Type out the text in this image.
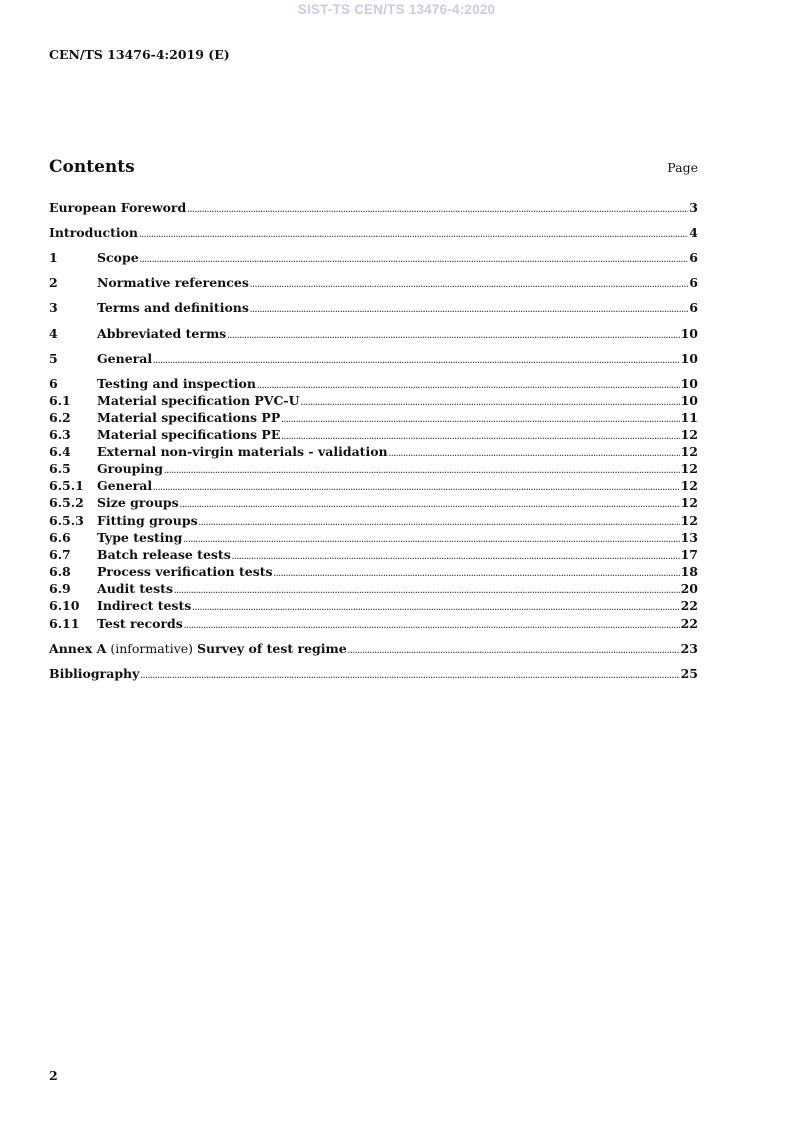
SIST-TS CEN/TS 13476-4:2020
CEN/TS 13476-4:2019 (E)
Contents	Page
European Foreword .....	3
Introduction .....	4
1	Scope .....	6
2	Normative references .....	6
3	Terms and definitions .....	6
4	Abbreviated terms .....	10
5	General .....	10
6	Testing and inspection .....	10
6.1	Material specification PVC-U .....	10
6.2	Material specifications PP .....	11
6.3	Material specifications PE .....	12
6.4	External non-virgin materials - validation .....	12
6.5	Grouping .....	12
6.5.1	General .....	12
6.5.2	Size groups .....	12
6.5.3	Fitting groups .....	12
6.6	Type testing .....	13
6.7	Batch release tests .....	17
6.8	Process verification tests .....	18
6.9	Audit tests .....	20
6.10	Indirect tests .....	22
6.11	Test records .....	22
Annex A (informative) Survey of test regime .....	23
Bibliography .....	25
2
